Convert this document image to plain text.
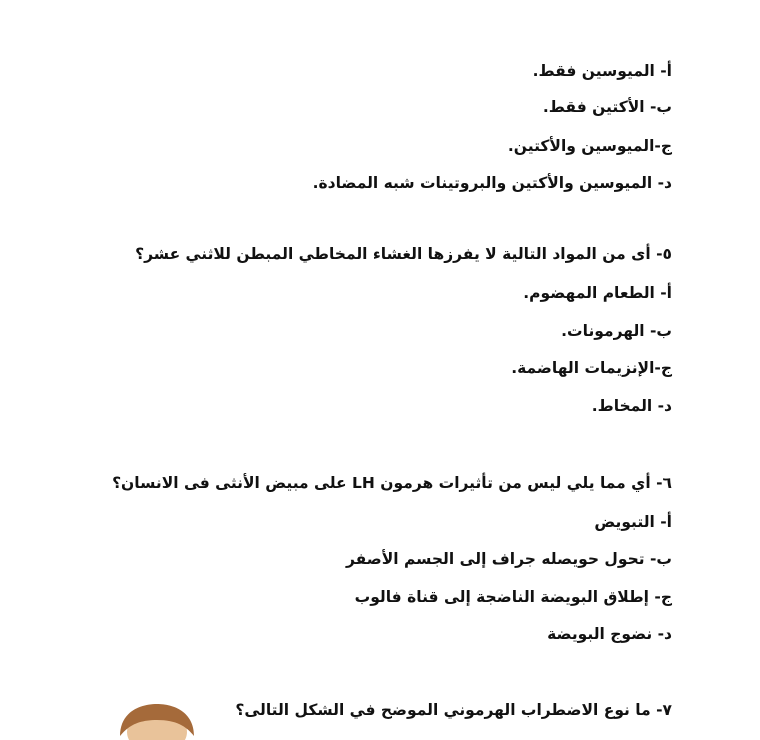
أ- الميوسين فقط.

ب- الأكتين فقط.

ج-الميوسين والأكتين.

د- الميوسين والأكتين والبروتينات شبه المضادة.

٥- أى من المواد التالية لا يفرزها الغشاء المخاطي المبطن للاثني عشر؟

أ- الطعام المهضوم.

ب- الهرمونات.

ج-الإنزيمات الهاضمة.

د- المخاط.

٦- أي مما يلي ليس من تأثيرات هرمون LH على مبيض الأنثى فى الانسان؟

أ- التبويض

ب- تحول حويصله جراف إلى الجسم الأصفر

ج- إطلاق البويضة الناضجة إلى قناة فالوب

د- نضوج البويضة

٧- ما نوع الاضطراب الهرموني الموضح في الشكل التالى؟
